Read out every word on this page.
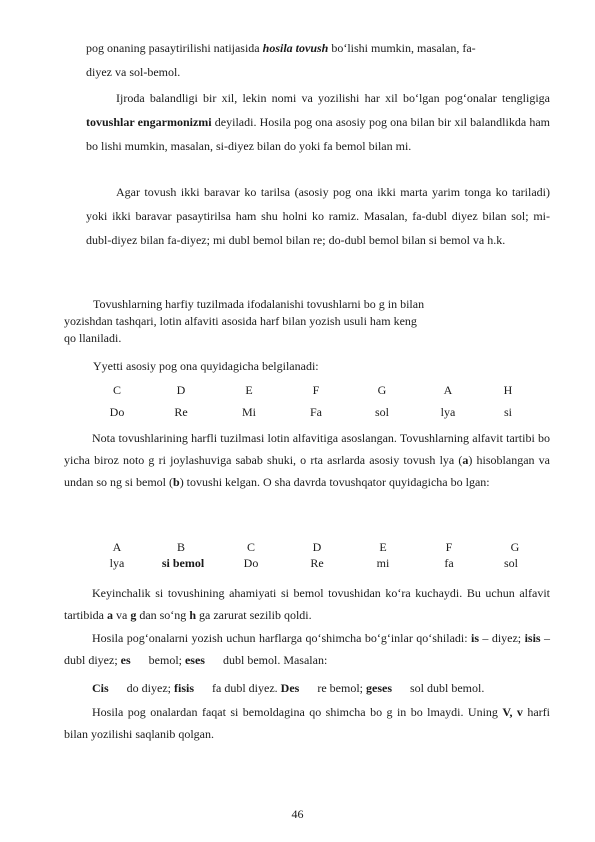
pog onaning pasaytirilishi natijasida hosila tovush bo‘lishi mumkin, masalan, fa-
diyez va sol-bemol.

Ijroda balandligi bir xil, lekin nomi va yozilishi har xil bo‘lgan pog‘onalar tengligiga tovushlar engarmonizmi deyiladi. Hosila pog ona asosiy pog ona bilan bir xil balandlikda ham bo lishi mumkin, masalan, si-diyez bilan do yoki fa bemol bilan mi.

Agar tovush ikki baravar ko tarilsa (asosiy pog ona ikki marta yarim tonga ko tariladi) yoki ikki baravar pasaytirilsa ham shu holni ko ramiz. Masalan, fa-dubl diyez bilan sol; mi-dubl-diyez bilan fa-diyez; mi dubl bemol bilan re; do-dubl bemol bilan si bemol va h.k.

Tovushlarning harfiy tuzilmada ifodalanishi tovushlarni bo g in bilan
yozishdan tashqari, lotin alfaviti asosida harf bilan yozish usuli ham keng
qo llaniladi.
Yyetti asosiy pog ona quyidagicha belgilanadi:
C	D	E	F	G	A	H
Do	Re	Mi	Fa	sol	lya	si

Nota tovushlarining harfli tuzilmasi lotin alfavitiga asoslangan. Tovushlarning alfavit tartibi bo yicha biroz noto g ri joylashuviga sabab shuki, o rta asrlarda asosiy tovush lya (a) hisoblangan va undan so ng si bemol (b) tovushi kelgan. O sha davrda tovushqator quyidagicha bo lgan:

A	B	C	D	E	F	G
lya	si bemol	Do	Re	mi	fa	sol

Keyinchalik si tovushining ahamiyati si bemol tovushidan ko‘ra kuchaydi. Bu uchun alfavit tartibida a va g dan so‘ng h ga zarurat sezilib qoldi.

Hosila pog‘onalarni yozish uchun harflarga qo‘shimcha bo‘g‘inlar qo‘shiladi: is – diyez; isis – dubl diyez; es      bemol; eses      dubl bemol. Masalan:

Cis      do diyez; fisis      fa dubl diyez. Des      re bemol; geses      sol dubl bemol.

Hosila pog onalardan faqat si bemoldagina qo shimcha bo g in bo lmaydi. Uning V, v harfi bilan yozilishi saqlanib qolgan.

46
